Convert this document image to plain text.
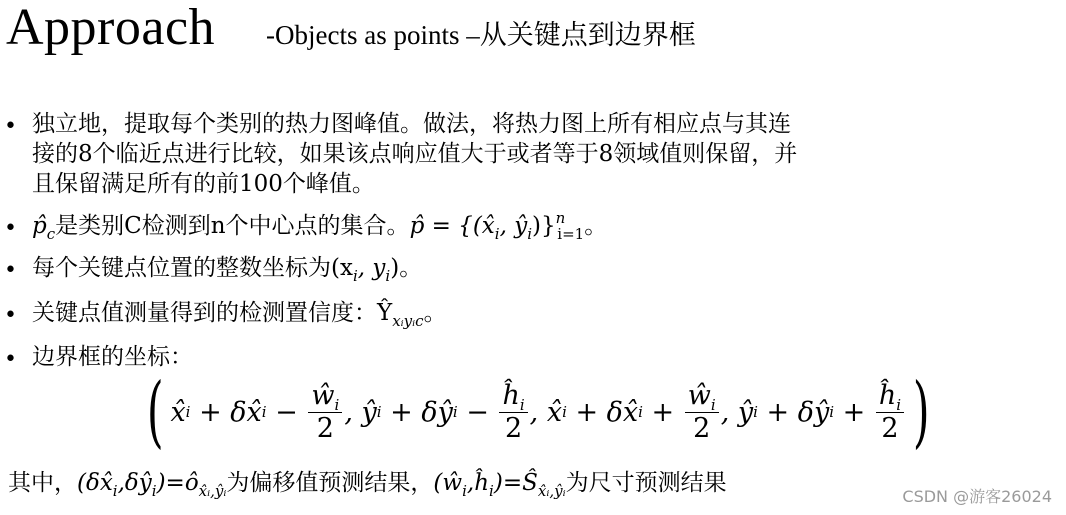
Approach -Objects as points –从关键点到边界框
• 独立地，提取每个类别的热力图峰值。做法，将热力图上所有相应点与其连
接的8个临近点进行比较，如果该点响应值大于或者等于8领域值则保留，并
且保留满足所有的前100个峰值。
• $p̂_c$是类别C检测到n个中心点的集合。p̂ = {($x̂_i$, $ŷ_i)\}^n_{i=1}$。
• 每个关键点位置的整数坐标为($x_i$, $y_i$)。
• 关键点值测量得到的检测置信度：$Ŷ_{xᵢyᵢc}$。
• 边界框的坐标：
( x̂ i + δx̂ $i - \frac{ŵ_i}{2}$ , ŷ i + δŷ $i - \frac{ĥ_i}{2}$ , x̂ i + δx̂ $i + \frac{ŵ_i}{2}$ , ŷ i + δŷ $i + \frac{ĥ_i}{2}$ )
其中，$(\delta x̂_i,\delta ŷ_i)=ô_{x̂ᵢ,ŷᵢ}$为偏移值预测结果，$(ŵ_i,ĥ_i)=Ŝ_{x̂ᵢ,ŷᵢ}$为尺寸预测结果
CSDN @游客26024
